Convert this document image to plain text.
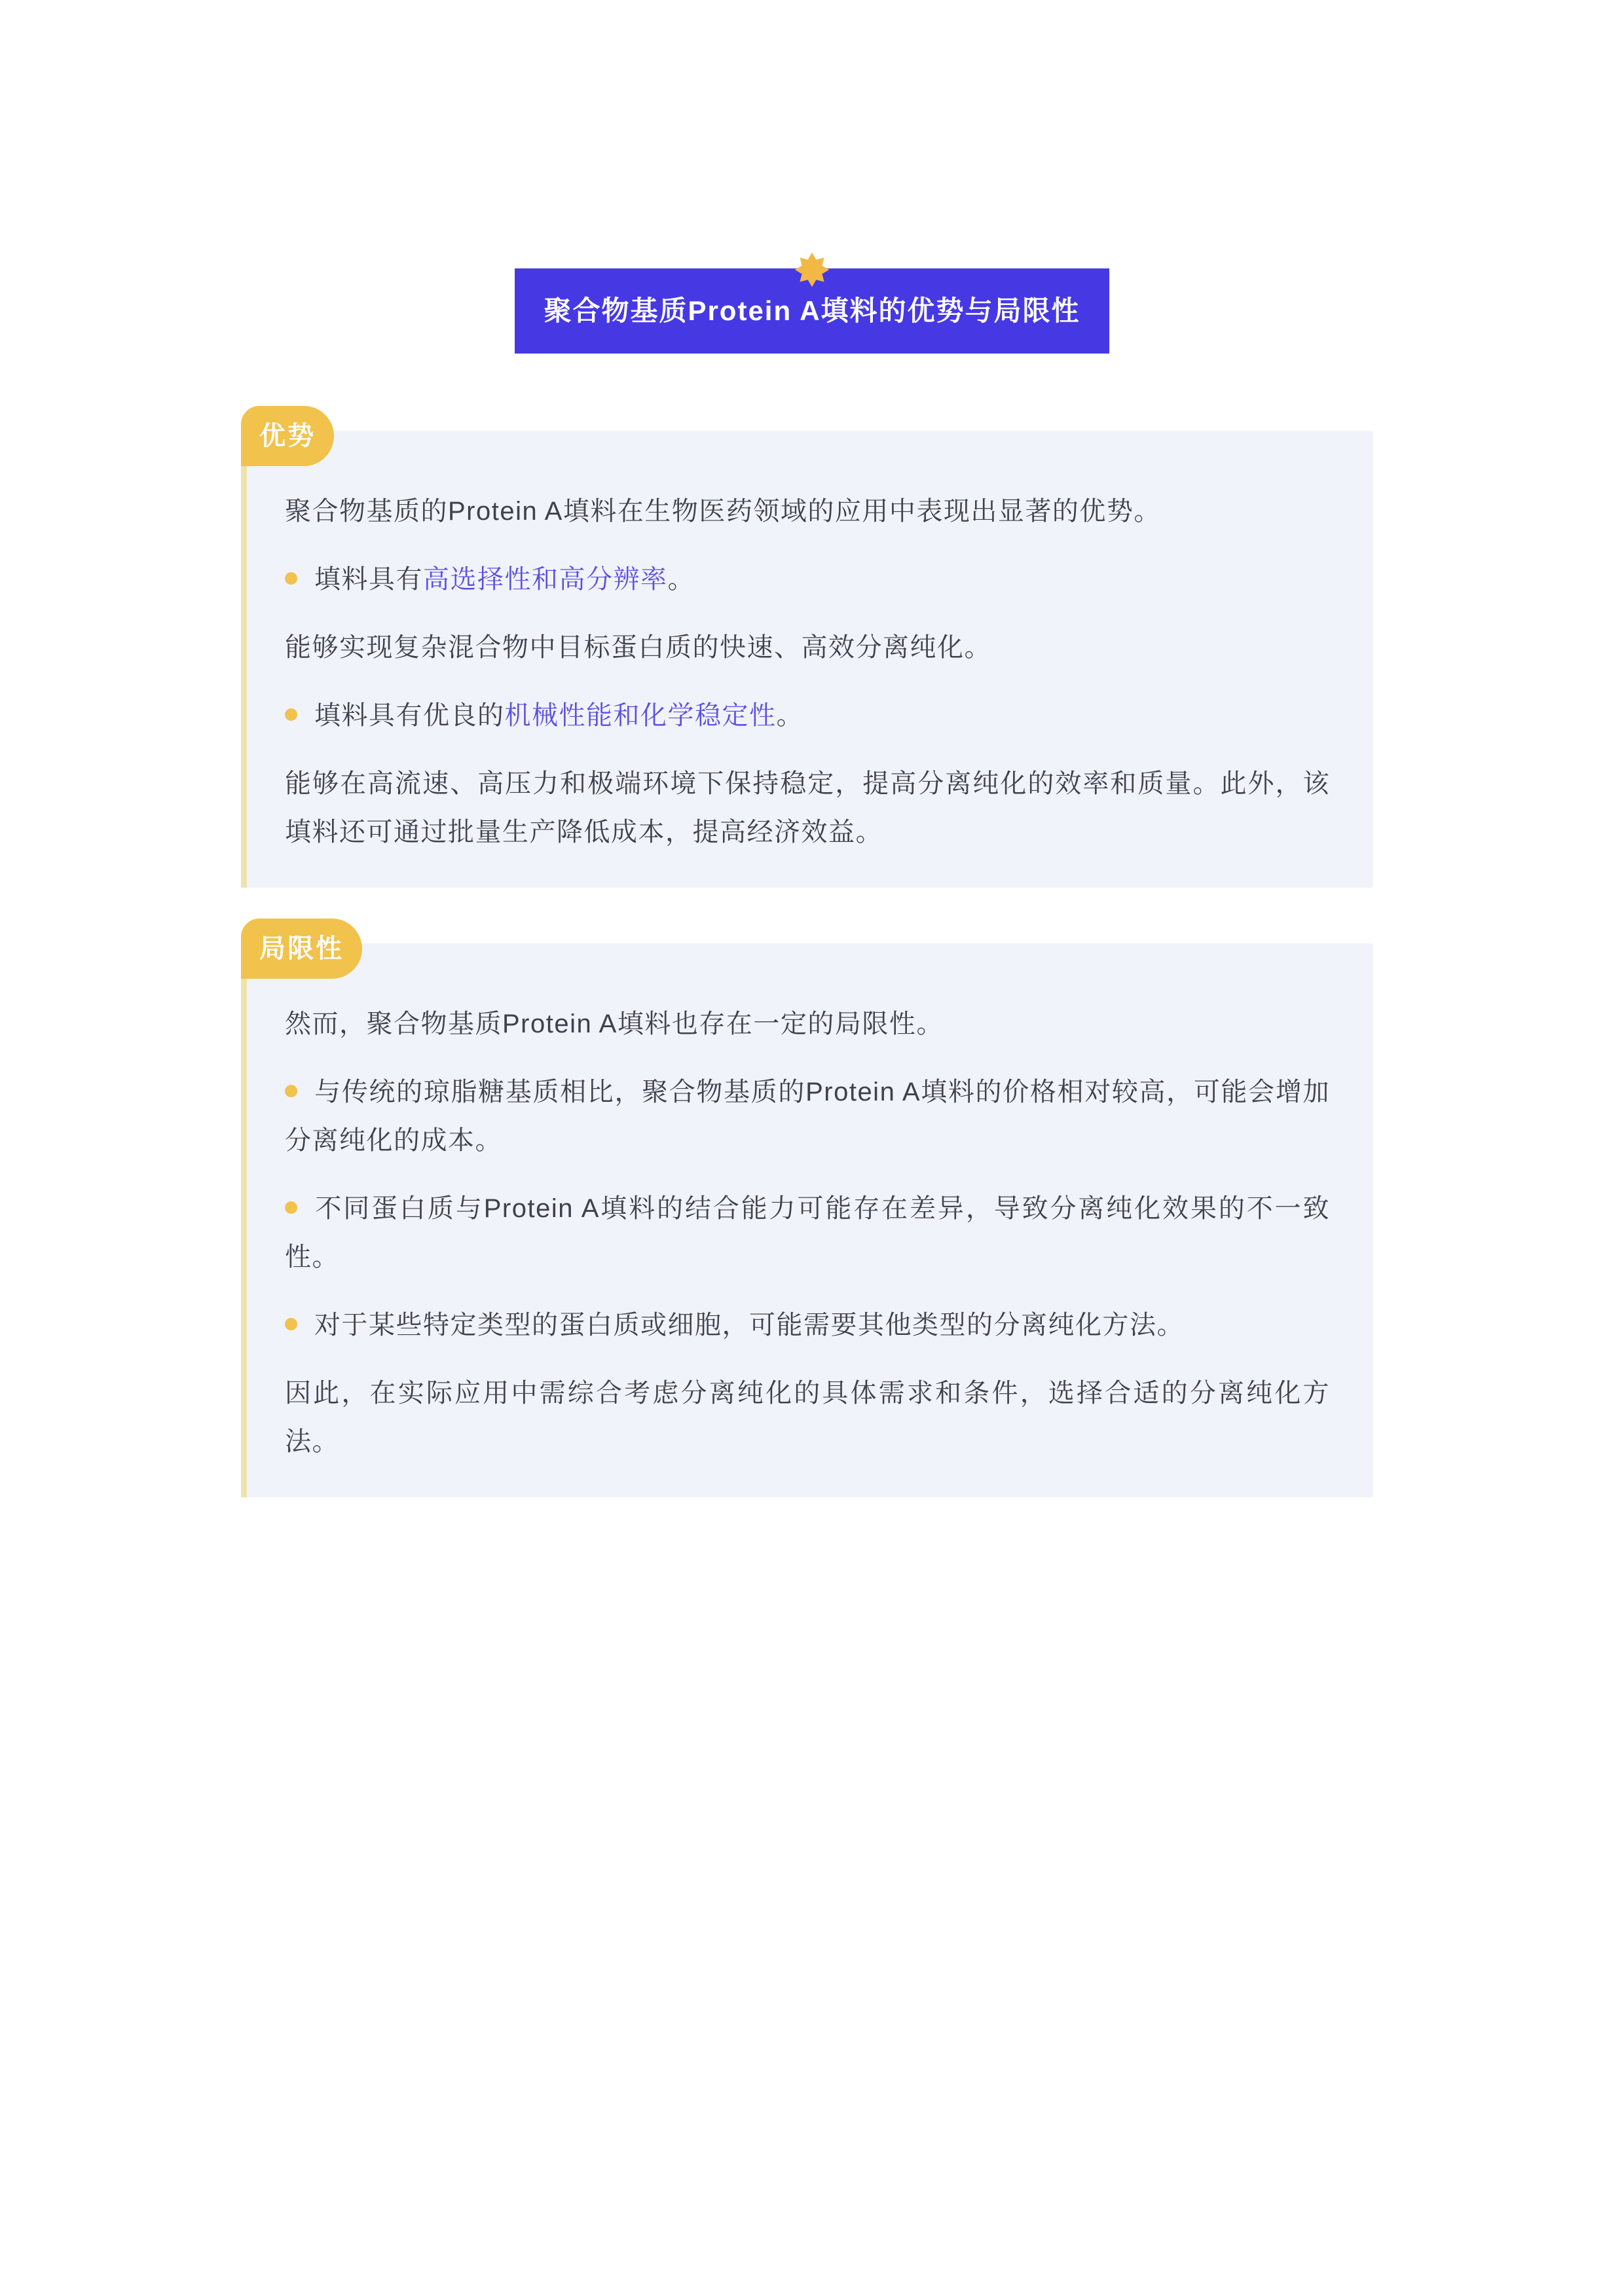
聚合物基质Protein A填料的优势与局限性
优势

聚合物基质的Protein A填料在生物医药领域的应用中表现出显著的优势。

填料具有高选择性和高分辨率。

能够实现复杂混合物中目标蛋白质的快速、高效分离纯化。

填料具有优良的机械性能和化学稳定性。

能够在高流速、高压力和极端环境下保持稳定，提高分离纯化的效率和质量。此外，该填料还可通过批量生产降低成本，提高经济效益。

局限性

然而，聚合物基质Protein A填料也存在一定的局限性。

与传统的琼脂糖基质相比，聚合物基质的Protein A填料的价格相对较高，可能会增加分离纯化的成本。

不同蛋白质与Protein A填料的结合能力可能存在差异，导致分离纯化效果的不一致性。

对于某些特定类型的蛋白质或细胞，可能需要其他类型的分离纯化方法。

因此，在实际应用中需综合考虑分离纯化的具体需求和条件，选择合适的分离纯化方法。
